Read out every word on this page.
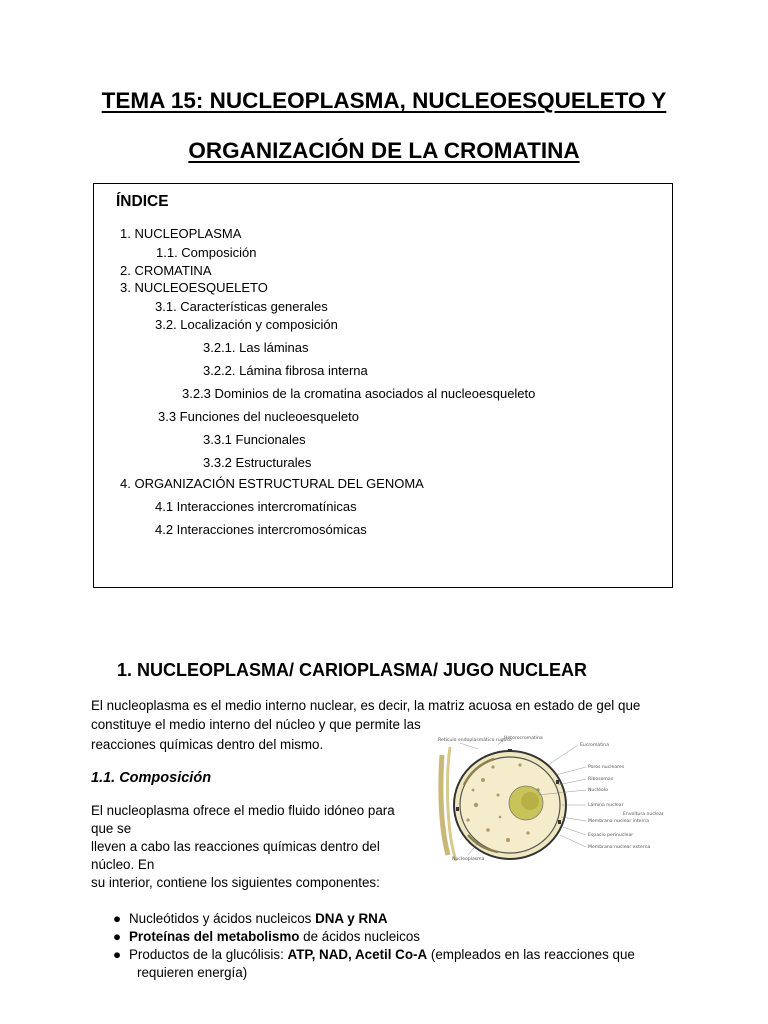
TEMA 15: NUCLEOPLASMA, NUCLEOESQUELETO Y
ORGANIZACIÓN DE LA CROMATINA
ÍNDICE
1. NUCLEOPLASMA
1.1. Composición
2. CROMATINA
3. NUCLEOESQUELETO
3.1. Características generales
3.2. Localización y composición
3.2.1. Las láminas
3.2.2. Lámina fibrosa interna
3.2.3 Dominios de la cromatina asociados al nucleoesqueleto
3.3 Funciones del nucleoesqueleto
3.3.1 Funcionales
3.3.2 Estructurales
4. ORGANIZACIÓN ESTRUCTURAL DEL GENOMA
4.1 Interacciones intercromatínicas
4.2 Interacciones intercromosómicas
1. NUCLEOPLASMA/ CARIOPLASMA/ JUGO NUCLEAR
El nucleoplasma es el medio interno nuclear, es decir, la matriz acuosa en estado de gel que
constituye el medio interno del núcleo y que permite las
reacciones químicas dentro del mismo.
1.1. Composición
El nucleoplasma ofrece el medio fluido idóneo para
que se
lleven a cabo las reacciones químicas dentro del
núcleo. En
su interior, contiene los siguientes componentes:
● Nucleótidos y ácidos nucleicos DNA y RNA
● Proteínas del metabolismo de ácidos nucleicos
● Productos de la glucólisis: ATP, NAD, Acetil Co-A (empleados en las reacciones que
requieren energía)
Retículo endoplasmático rugoso
Heterocromatina
Eucromatina
Poros nucleares
Ribosomas
Nucléolo
Lámina nuclear
Membrana nuclear interna
Espacio perinuclear
Membrana nuclear externa
Envoltura nuclear
Nucleoplasma
